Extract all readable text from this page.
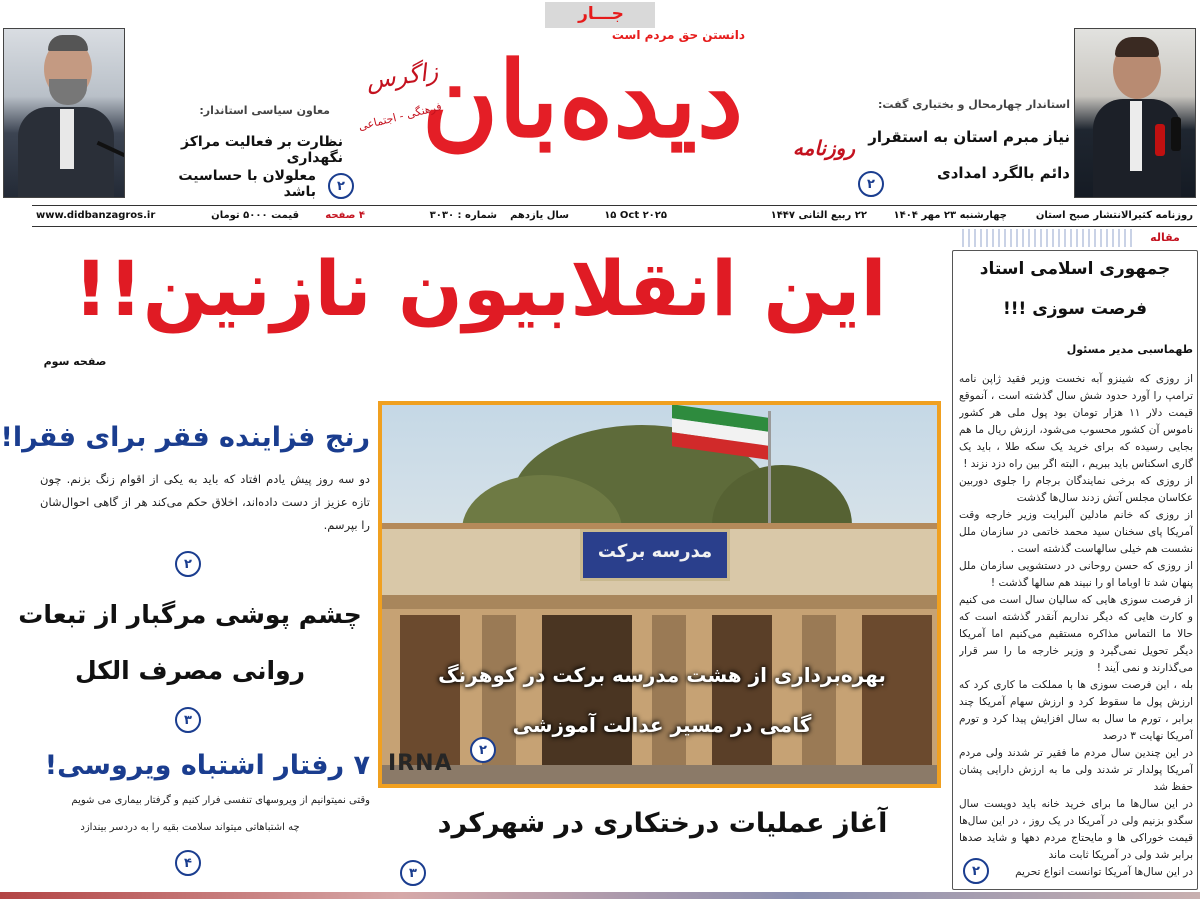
جـــار
دانستن حق مردم است
روزنامه
دیده‌بان
زاگرس
فرهنگی - اجتماعی	استاندار چهارمحال و بختیاری گفت:
نیاز مبرم استان به استقرار
دائم بالگرد امدادی
۲
معاون سیاسی استاندار:
نظارت بر فعالیت مراکز نگهداری
معلولان با حساسیت باشد	۲
روزنامه کثیرالانتشار صبح استان
چهارشنبه ۲۳ مهر ۱۴۰۴
۲۲ ربیع الثانی ۱۴۴۷
۱۵ Oct ۲۰۲۵
سال یازدهم
شماره : ۳۰۳۰
۴ صفحه
قیمت ۵۰۰۰ تومان
www.didbanzagros.ir
این انقلابیون نازنین!!
صفحه سوم
رنج فزاینده فقر برای فقرا!
دو سه روز پیش یادم افتاد که باید به یکی از اقوام زنگ بزنم. چون تازه عزیز از دست داده‌اند، اخلاق حکم می‌کند هر از گاهی احوال‌شان را بپرسم.
۲
چشم پوشی مرگبار از تبعات
روانی مصرف الکل
۳
۷ رفتار اشتباه ویروسی!
وقتی نمیتوانیم از ویروسهای تنفسی فرار کنیم و گرفتار بیماری می شویم
چه اشتباهاتی میتواند سلامت بقیه را به دردسر بیندازد
۴
مدرسه برکت
بهره‌برداری از هشت مدرسه برکت در کوهرنگ
گامی در مسیر عدالت آموزشی
IRNA
۲
آغاز عملیات درختکاری در شهرکرد
۳
مقاله
جمهوری اسلامی استاد
فرصت سوزی !!!
طهماسبی مدیر مسئول

از روزی که شینزو آبه نخست وزیر فقید ژاپن نامه ترامپ را آورد حدود شش سال گذشته است ، آنموقع قیمت دلار ۱۱ هزار تومان بود پول ملی هر کشور ناموس آن کشور محسوب می‌شود، ارزش ریال ما هم بجایی رسیده که برای خرید یک سکه طلا ، باید یک گاری اسکناس باید ببریم ، البته اگر بین راه دزد نزند !

از روزی که برخی نمایندگان برجام را جلوی دوربین عکاسان مجلس آتش زدند سال‌ها گذشت

از روزی که خانم مادلین آلبرایت وزیر خارجه وقت آمریکا پای سخنان سید محمد خاتمی در سازمان ملل نشست هم خیلی سالهاست گذشته است .

از روزی که حسن روحانی در دستشویی سازمان ملل پنهان شد تا اوباما او را نبیند هم سالها گذشت !

از فرصت سوزی هایی که سالیان سال است می کنیم و کارت هایی که دیگر نداریم آنقدر گذشته است که حالا ما التماس مذاکره مستقیم می‌کنیم اما آمریکا دیگر تحویل نمی‌گیرد و وزیر خارجه ما را سر قرار می‌گذارند و نمی آیند !

بله ، این فرصت سوزی ها با مملکت ما کاری کرد که ارزش پول ما سقوط کرد و ارزش سهام آمریکا چند برابر ، تورم ما سال به سال افزایش پیدا کرد و تورم آمریکا نهایت ۳ درصد

در این چندین سال مردم ما فقیر تر شدند ولی مردم آمریکا پولدار تر شدند ولی ما به ارزش دارایی پشان حفظ شد

در این سال‌ها ما برای خرید خانه باید دویست سال سگدو بزنیم ولی در آمریکا در یک روز ، در این سال‌ها قیمت خوراکی ها و مایحتاج مردم دهها و شاید صدها برابر شد ولی در آمریکا ثابت ماند

در این سال‌ها آمریکا توانست انواع تحریم

۲
